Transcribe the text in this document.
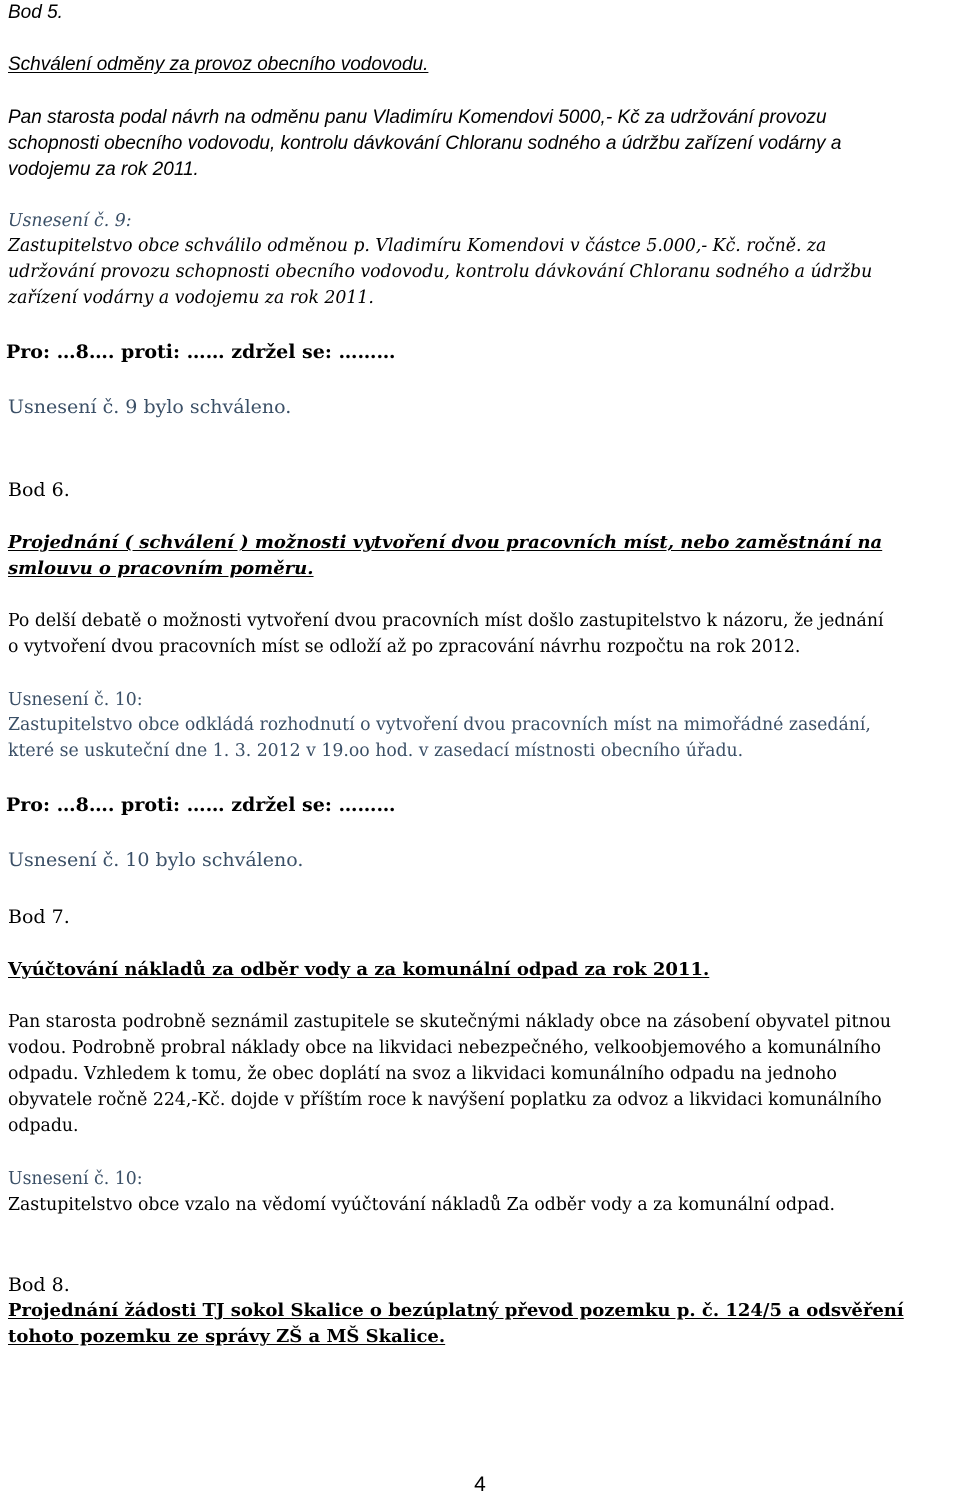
Bod 5.

Schválení odměny za provoz obecního vodovodu.

Pan starosta podal návrh na odměnu panu Vladimíru Komendovi 5000,- Kč za udržování provozu

schopnosti obecního vodovodu, kontrolu dávkování Chloranu sodného a údržbu zařízení vodárny a

vodojemu za rok 2011.

Usnesení č. 9:

Zastupitelstvo obce schválilo odměnou p. Vladimíru Komendovi v částce 5.000,- Kč. ročně. za

udržování provozu schopnosti obecního vodovodu, kontrolu dávkování Chloranu sodného a údržbu

zařízení vodárny a vodojemu za rok 2011.

Pro: …8…. proti: …… zdržel se: ………

Usnesení č. 9 bylo schváleno.

Bod 6.

Projednání ( schválení ) možnosti vytvoření dvou pracovních míst, nebo zaměstnání na

smlouvu o pracovním poměru.

Po delší debatě o možnosti vytvoření dvou pracovních míst došlo zastupitelstvo k názoru, že jednání

o vytvoření dvou pracovních míst se odloží až po zpracování návrhu rozpočtu na rok 2012.

Usnesení č. 10:

Zastupitelstvo obce odkládá rozhodnutí o vytvoření dvou pracovních míst na mimořádné zasedání,

které se uskuteční dne 1. 3. 2012 v 19.oo hod. v zasedací místnosti obecního úřadu.

Pro: …8…. proti: …… zdržel se: ………

Usnesení č. 10 bylo schváleno.

Bod 7.

Vyúčtování nákladů za odběr vody a za komunální odpad za rok 2011.

Pan starosta podrobně seznámil zastupitele se skutečnými náklady obce na zásobení obyvatel pitnou

vodou. Podrobně probral náklady obce na likvidaci nebezpečného, velkoobjemového a komunálního

odpadu. Vzhledem k tomu, že obec doplátí na svoz a likvidaci komunálního odpadu na jednoho

obyvatele ročně 224,-Kč. dojde v příštím roce k navýšení poplatku za odvoz a likvidaci komunálního

odpadu.

Usnesení č. 10:

Zastupitelstvo obce vzalo na vědomí vyúčtování nákladů Za odběr vody a za komunální odpad.

Bod 8.

Projednání žádosti TJ sokol Skalice o bezúplatný převod pozemku p. č. 124/5 a odsvěření

tohoto pozemku ze správy ZŠ a MŠ Skalice.

4
